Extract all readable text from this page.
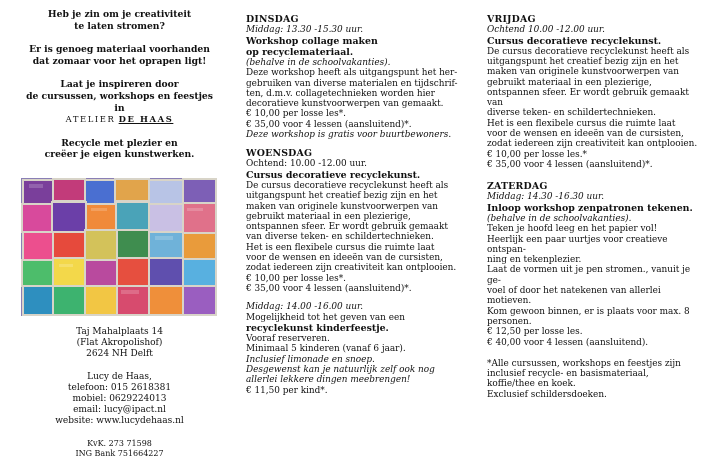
Heb je zin om je creativiteit

te laten stromen?

Er is genoeg materiaal voorhanden

dat zomaar voor het oprapen ligt!

Laat je inspireren door

de cursussen, workshops en feestjes in

ATELIER DE HAAS

Recycle met plezier en

creëer je eigen kunstwerken.

Taj Mahalplaats 14

(Flat Akropolishof)

2624 NH Delft

Lucy de Haas,

telefoon: 015 2618381

mobiel: 0629224013

email: lucy@ipact.nl

website: www.lucydehaas.nl

KvK. 273 71598

ING Bank 751664227

DINSDAG

Middag: 13.30 -15.30 uur.

Workshop collage maken

op recyclemateriaal.

(behalve in de schoolvakanties).

Deze workshop heeft als uitgangspunt het her-

gebruiken van diverse materialen en tijdschrif-

ten, d.m.v. collagetechnieken worden hier

decoratieve kunstvoorwerpen van gemaakt.

€ 10,00 per losse les*.

€ 35,00 voor 4 lessen (aansluitend)*.

Deze workshop is gratis voor buurtbewoners.

WOENSDAG

Ochtend: 10.00 -12.00 uur.

Cursus decoratieve recyclekunst.

De cursus decoratieve recyclekunst heeft als

uitgangspunt het creatief bezig zijn en het

maken van originele kunstvoorwerpen van

gebruikt materiaal in een plezierige,

ontspannen sfeer. Er wordt gebruik gemaakt

van diverse teken- en schildertechnieken.

Het is een flexibele cursus die ruimte laat

voor de wensen en ideeën van de cursisten,

zodat iedereen zijn creativiteit kan ontplooien.

€ 10,00 per losse les*.

€ 35,00 voor 4 lessen (aansluitend)*.

Middag: 14.00 -16.00 uur.

Mogelijkheid tot het geven van een

recyclekunst kinderfeestje.

Vooraf reserveren.

Minimaal 5 kinderen (vanaf 6 jaar).

Inclusief limonade en snoep.

Desgewenst kan je natuurlijk zelf ook nog

allerlei lekkere dingen meebrengen!

€ 11,50 per kind*.

VRIJDAG

Ochtend 10.00 -12.00 uur.

Cursus decoratieve recyclekunst.

De cursus decoratieve recyclekunst heeft als

uitgangspunt het creatief bezig zijn en het

maken van originele kunstvoorwerpen van

gebruikt materiaal in een plezierige,

ontspannen sfeer. Er wordt gebruik gemaakt van

diverse teken- en schildertechnieken.

Het is een flexibele cursus die ruimte laat

voor de wensen en ideeën van de cursisten,

zodat iedereen zijn creativiteit kan ontplooien.

€ 10,00 per losse les.*

€ 35,00 voor 4 lessen (aansluitend)*.

ZATERDAG

Middag: 14.30 -16.30 uur.

Inloop workshop zenpatronen tekenen.

(behalve in de schoolvakanties).

Teken je hoofd leeg en het papier vol!

Heerlijk een paar uurtjes voor creatieve ontspan-

ning en tekenplezier.

Laat de vormen uit je pen stromen., vanuit je ge-

voel of door het natekenen van allerlei motieven.

Kom gewoon binnen, er is plaats voor max. 8

personen.

€ 12,50 per losse les.

€ 40,00 voor 4 lessen (aansluitend).

*Alle cursussen, workshops en feestjes zijn

inclusief recycle- en basismateriaal,

koffie/thee en koek.

Exclusief schildersdoeken.
